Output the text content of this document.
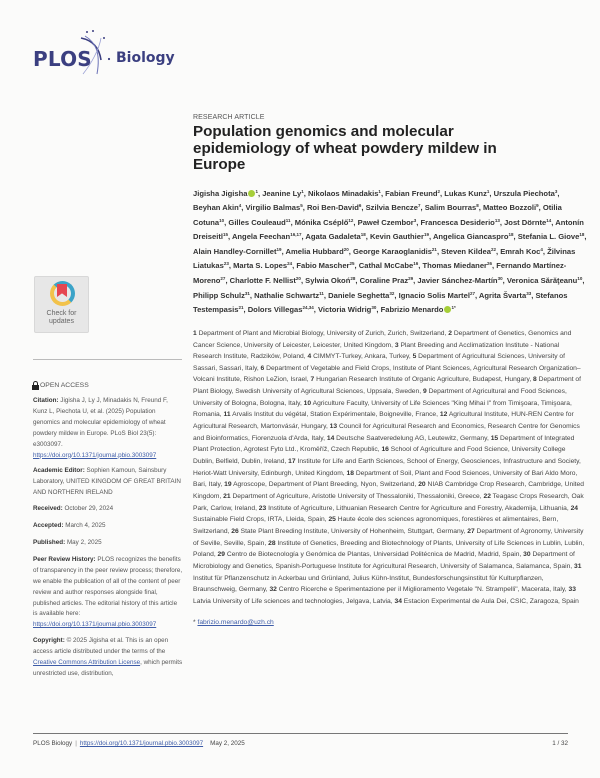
PLOS Biology
RESEARCH ARTICLE
Population genomics and molecular epidemiology of wheat powdery mildew in Europe
Jigisha Jigisha $^1$, Jeanine Ly$^1$, Nikolaos Minadakis$^1$, Fabian Freund$^2$, Lukas Kunz$^1$, Urszula Piechota$^3$, Beyhan Akin$^4$, Virgilio Balmas$^5$, Roi Ben-David$^6$, Szilvia Bencze$^7$, Salim Bourras$^8$, Matteo Bozzoli$^9$, Otilia Cotuna$^{10}$, Gilles Couleaud$^{11}$, Mónika Cséplő$^{12}$, Paweł Czembor$^3$, Francesca Desiderio$^{13}$, Jost Dörnte$^{14}$, Antonín Dreiseitl$^{15}$, Angela Feechan$^{16,17}$, Agata Gadaleta$^{18}$, Kevin Gauthier$^{19}$, Angelica Giancaspro$^{18}$, Stefania L. Giove$^{18}$, Alain Handley-Cornillet$^{19}$, Amelia Hubbard$^{20}$, George Karaoglanidis$^{21}$, Steven Kildea$^{22}$, Emrah Koc$^4$, Žilvinas Liatukas$^{23}$, Marta S. Lopes$^{24}$, Fabio Mascher$^{25}$, Cathal McCabe$^{16}$, Thomas Miedaner$^{26}$, Fernando Martínez-Moreno$^{27}$, Charlotte F. Nellist$^{20}$, Sylwia Okoń$^{28}$, Coraline Praz$^{29}$, Javier Sánchez-Martín$^{30}$, Veronica Sărăţeanu$^{10}$, Philipp Schulz$^{31}$, Nathalie Schwartz$^{11}$, Daniele Seghetta$^{32}$, Ignacio Solis Martel$^{27}$, Agrita Švarta$^{33}$, Stefanos Testempasis$^{21}$, Dolors Villegas$^{24,34}$, Victoria Widrig$^{30}$, Fabrizio Menardo $^{1*}$
1 Department of Plant and Microbial Biology, University of Zurich, Zurich, Switzerland, 2 Department of Genetics, Genomics and Cancer Science, University of Leicester, Leicester, United Kingdom, 3 Plant Breeding and Acclimatization Institute - National Research Institute, Radzików, Poland, 4 CIMMYT-Turkey, Ankara, Turkey, 5 Department of Agricultural Sciences, University of Sassari, Sassari, Italy, 6 Department of Vegetable and Field Crops, Institute of Plant Sciences, Agricultural Research Organization–Volcani Institute, Rishon LeZion, Israel, 7 Hungarian Research Institute of Organic Agriculture, Budapest, Hungary, 8 Department of Plant Biology, Swedish University of Agricultural Sciences, Uppsala, Sweden, 9 Department of Agricultural and Food Sciences, University of Bologna, Bologna, Italy, 10 Agriculture Faculty, University of Life Sciences "King Mihai I" from Timişoara, Timişoara, Romania, 11 Arvalis Institut du végétal, Station Expérimentale, Boigneville, France, 12 Agricultural Institute, HUN-REN Centre for Agricultural Research, Martonvásár, Hungary, 13 Council for Agricultural Research and Economics, Research Centre for Genomics and Bioinformatics, Fiorenzuola d'Arda, Italy, 14 Deutsche Saatveredelung AG, Leutewitz, Germany, 15 Department of Integrated Plant Protection, Agrotest Fyto Ltd., Kroměříž, Czech Republic, 16 School of Agriculture and Food Science, University College Dublin, Belfield, Dublin, Ireland, 17 Institute for Life and Earth Sciences, School of Energy, Geosciences, Infrastructure and Society, Heriot-Watt University, Edinburgh, United Kingdom, 18 Department of Soil, Plant and Food Sciences, University of Bari Aldo Moro, Bari, Italy, 19 Agroscope, Department of Plant Breeding, Nyon, Switzerland, 20 NIAB Cambridge Crop Research, Cambridge, United Kingdom, 21 Department of Agriculture, Aristotle University of Thessaloniki, Thessaloniki, Greece, 22 Teagasc Crops Research, Oak Park, Carlow, Ireland, 23 Institute of Agriculture, Lithuanian Research Centre for Agriculture and Forestry, Akademija, Lithuania, 24 Sustainable Field Crops, IRTA, Lleida, Spain, 25 Haute école des sciences agronomiques, forestières et alimentaires, Bern, Switzerland, 26 State Plant Breeding Institute, University of Hohenheim, Stuttgart, Germany, 27 Department of Agronomy, University of Seville, Seville, Spain, 28 Institute of Genetics, Breeding and Biotechnology of Plants, University of Life Sciences in Lublin, Lublin, Poland, 29 Centro de Biotecnología y Genómica de Plantas, Universidad Politécnica de Madrid, Madrid, Spain, 30 Department of Microbiology and Genetics, Spanish-Portuguese Institute for Agricultural Research, University of Salamanca, Salamanca, Spain, 31 Institut für Pflanzenschutz in Ackerbau und Grünland, Julius Kühn-Institut, Bundesforschungsinstitut für Kulturpflanzen, Braunschweig, Germany, 32 Centro Ricerche e Sperimentazione per il Miglioramento Vegetale "N. Strampelli", Macerata, Italy, 33 Latvia University of Life sciences and technologies, Jelgava, Latvia, 34 Estacion Experimental de Aula Dei, CSIC, Zaragoza, Spain
* fabrizio.menardo@uzh.ch
Check for
updates
OPEN ACCESS
Citation: Jigisha J, Ly J, Minadakis N, Freund F, Kunz L, Piechota U, et al. (2025) Population genomics and molecular epidemiology of wheat powdery mildew in Europe. PLoS Biol 23(5): e3003097. https://doi.org/10.1371/journal.pbio.3003097
Academic Editor: Sophien Kamoun, Sainsbury Laboratory, UNITED KINGDOM OF GREAT BRITAIN AND NORTHERN IRELAND
Received: October 29, 2024
Accepted: March 4, 2025
Published: May 2, 2025
Peer Review History: PLOS recognizes the benefits of transparency in the peer review process; therefore, we enable the publication of all of the content of peer review and author responses alongside final, published articles. The editorial history of this article is available here: https://doi.org/10.1371/journal.pbio.3003097
Copyright: © 2025 Jigisha et al. This is an open access article distributed under the terms of the Creative Commons Attribution License, which permits unrestricted use, distribution,
PLOS Biology | https://doi.org/10.1371/journal.pbio.3003097 May 2, 2025	1 / 32
